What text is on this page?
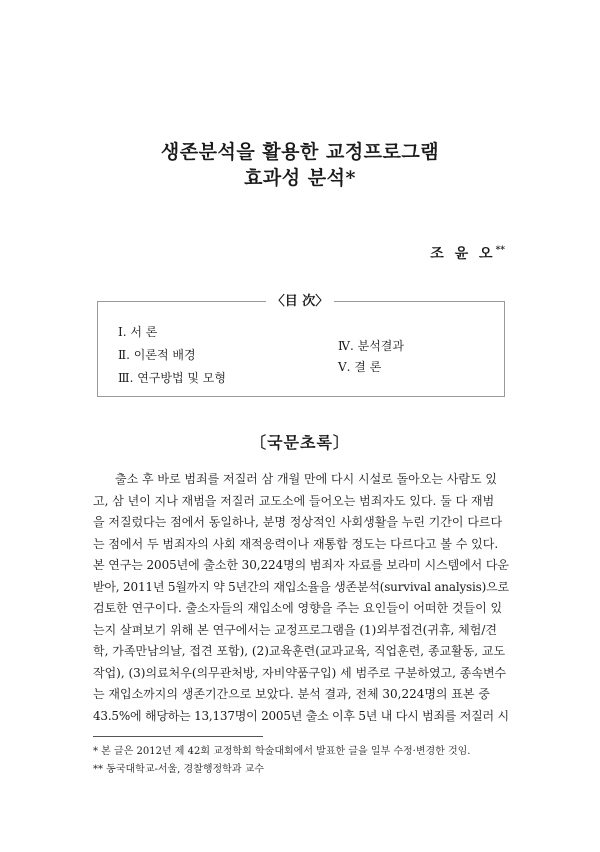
생존분석을 활용한 교정프로그램
효과성 분석*
조 윤 오**
〈目 次〉
Ⅰ. 서 론
Ⅱ. 이론적 배경
Ⅲ. 연구방법 및 모형
Ⅳ. 분석결과
Ⅴ. 결 론
〔국문초록〕
출소 후 바로 범죄를 저질러 삼 개월 만에 다시 시설로 돌아오는 사람도 있
고, 삼 년이 지나 재범을 저질러 교도소에 들어오는 범죄자도 있다. 둘 다 재범
을 저질렀다는 점에서 동일하나, 분명 정상적인 사회생활을 누린 기간이 다르다
는 점에서 두 범죄자의 사회 재적응력이나 재통합 정도는 다르다고 볼 수 있다.
본 연구는 2005년에 출소한 30,224명의 범죄자 자료를 보라미 시스템에서 다운
받아, 2011년 5월까지 약 5년간의 재입소율을 생존분석(survival analysis)으로
검토한 연구이다. 출소자들의 재입소에 영향을 주는 요인들이 어떠한 것들이 있
는지 살펴보기 위해 본 연구에서는 교정프로그램을 (1)외부접견(귀휴, 체험/견
학, 가족만남의날, 접견 포함), (2)교육훈련(교과교육, 직업훈련, 종교활동, 교도
작업), (3)의료처우(의무관처방, 자비약품구입) 세 범주로 구분하였고, 종속변수
는 재입소까지의 생존기간으로 보았다. 분석 결과, 전체 30,224명의 표본 중
43.5%에 해당하는 13,137명이 2005년 출소 이후 5년 내 다시 범죄를 저질러 시
* 본 글은 2012년 제 42회 교정학회 학술대회에서 발표한 글을 일부 수정·변경한 것임.
** 동국대학교-서울, 경찰행정학과 교수
